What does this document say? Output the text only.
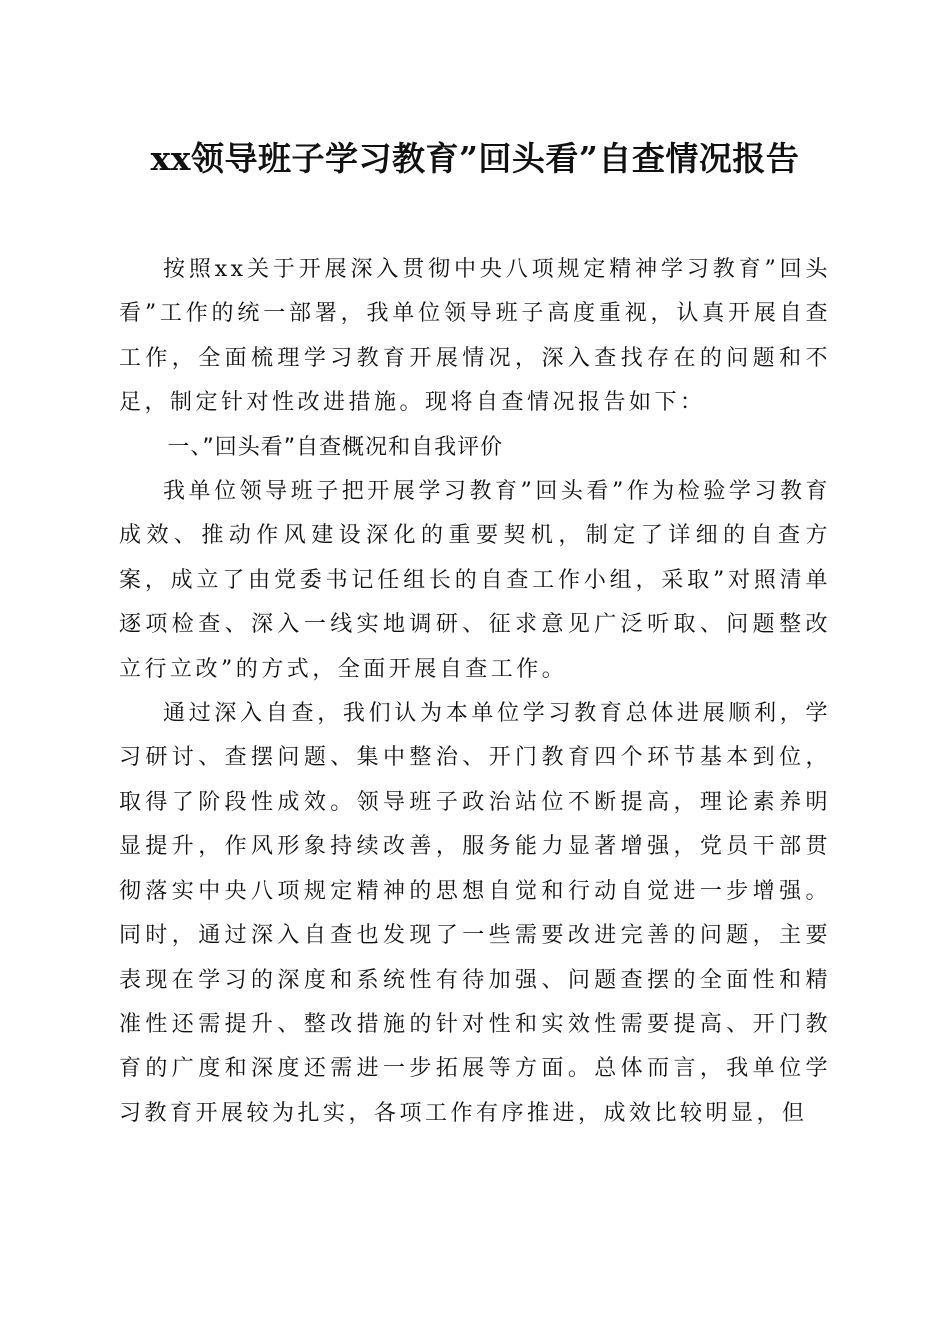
xx领导班子学习教育”回头看”自查情况报告

按照xx关于开展深入贯彻中央八项规定精神学习教育”回头看”工作的统一部署，我单位领导班子高度重视，认真开展自查工作，全面梳理学习教育开展情况，深入查找存在的问题和不足，制定针对性改进措施。现将自查情况报告如下：

一、”回头看”自查概况和自我评价

我单位领导班子把开展学习教育”回头看”作为检验学习教育成效、推动作风建设深化的重要契机，制定了详细的自查方案，成立了由党委书记任组长的自查工作小组，采取”对照清单逐项检查、深入一线实地调研、征求意见广泛听取、问题整改立行立改”的方式，全面开展自查工作。

通过深入自查，我们认为本单位学习教育总体进展顺利，学习研讨、查摆问题、集中整治、开门教育四个环节基本到位，取得了阶段性成效。领导班子政治站位不断提高，理论素养明显提升，作风形象持续改善，服务能力显著增强，党员干部贯彻落实中央八项规定精神的思想自觉和行动自觉进一步增强。同时，通过深入自查也发现了一些需要改进完善的问题，主要表现在学习的深度和系统性有待加强、问题查摆的全面性和精准性还需提升、整改措施的针对性和实效性需要提高、开门教育的广度和深度还需进一步拓展等方面。总体而言，我单位学习教育开展较为扎实，各项工作有序推进，成效比较明显，但
